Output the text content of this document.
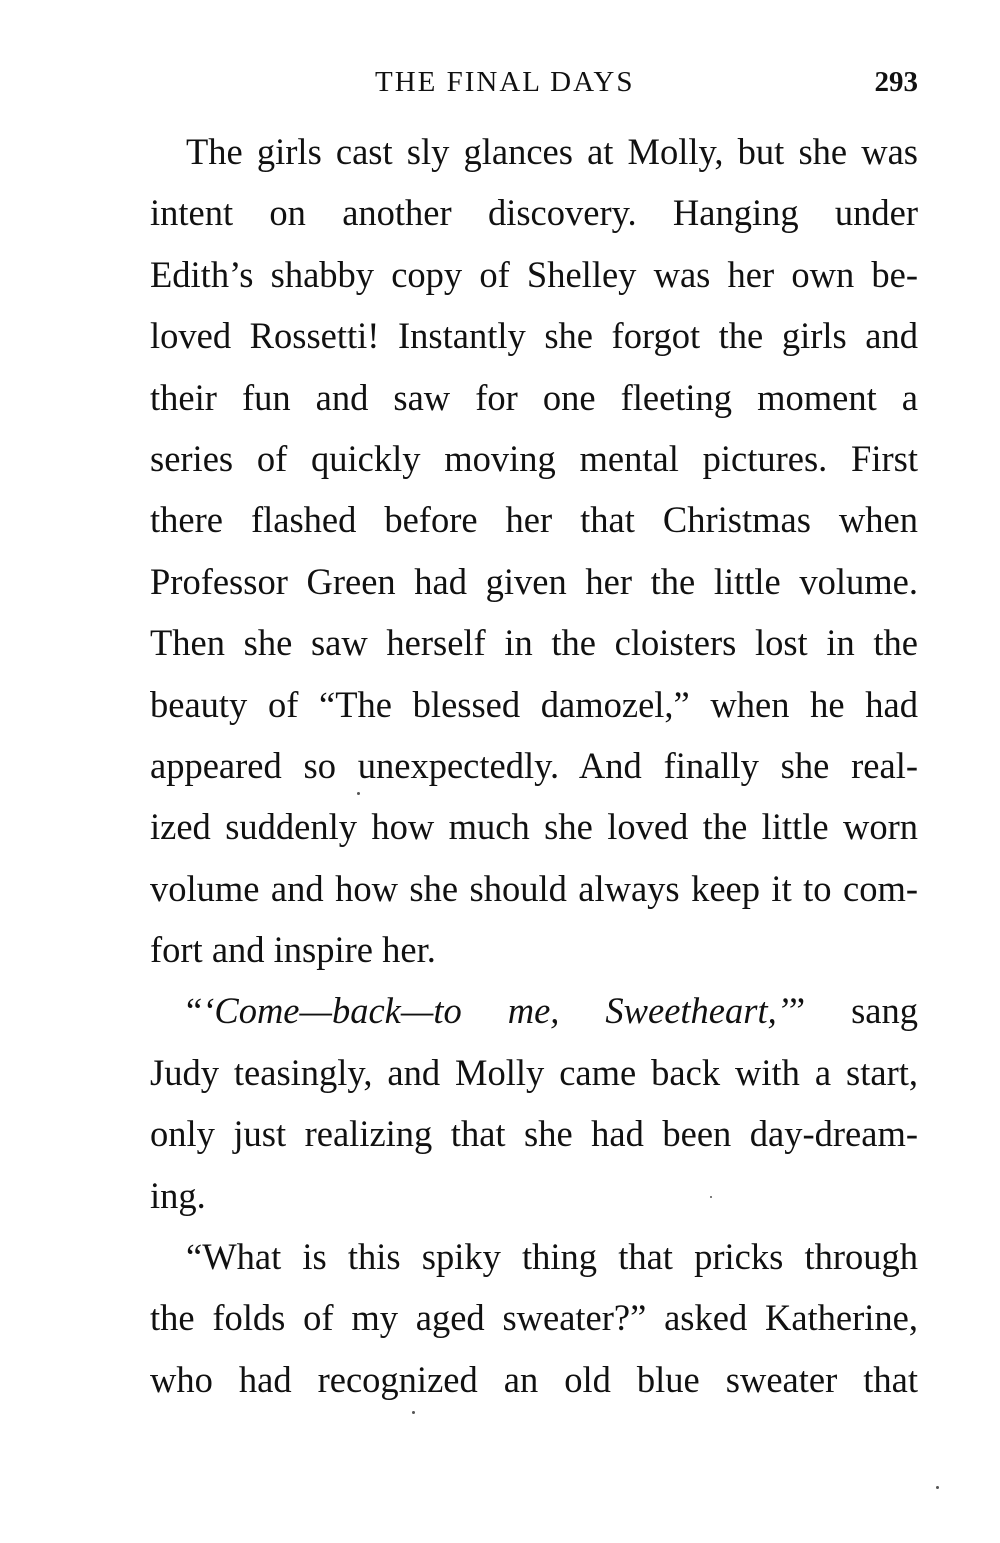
THE FINAL DAYS	293
The girls cast sly glances at Molly, but she was
intent on another discovery. Hanging under
Edith’s shabby copy of Shelley was her own be-
loved Rossetti! Instantly she forgot the girls and
their fun and saw for one fleeting moment a
series of quickly moving mental pictures. First
there flashed before her that Christmas when
Professor Green had given her the little volume.
Then she saw herself in the cloisters lost in the
beauty of “The blessed damozel,” when he had
appeared so unexpectedly. And finally she real-
ized suddenly how much she loved the little worn
volume and how she should always keep it to com-
fort and inspire her.
“‘Come—back—to me, Sweetheart,’” sang
Judy teasingly, and Molly came back with a start,
only just realizing that she had been day-dream-
ing.
“What is this spiky thing that pricks through
the folds of my aged sweater?” asked Katherine,
who had recognized an old blue sweater that
